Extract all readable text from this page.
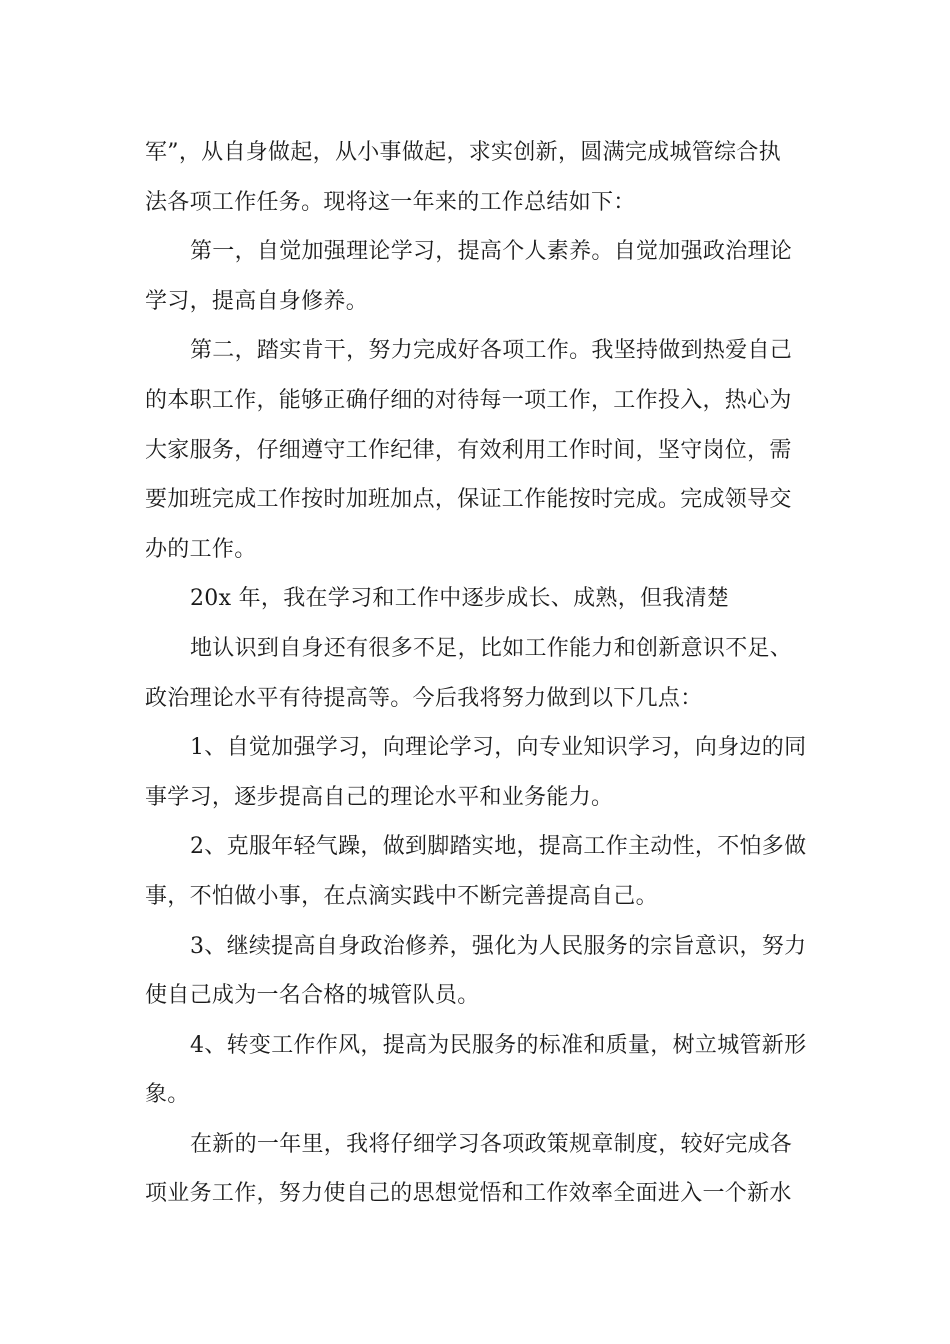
军”，从自身做起，从小事做起，求实创新，圆满完成城管综合执
法各项工作任务。现将这一年来的工作总结如下：

第一，自觉加强理论学习，提高个人素养。自觉加强政治理论
学习，提高自身修养。

第二，踏实肯干，努力完成好各项工作。我坚持做到热爱自己
的本职工作，能够正确仔细的对待每一项工作，工作投入，热心为
大家服务，仔细遵守工作纪律，有效利用工作时间，坚守岗位，需
要加班完成工作按时加班加点，保证工作能按时完成。完成领导交
办的工作。

20x 年，我在学习和工作中逐步成长、成熟，但我清楚

地认识到自身还有很多不足，比如工作能力和创新意识不足、
政治理论水平有待提高等。今后我将努力做到以下几点：

1、自觉加强学习，向理论学习，向专业知识学习，向身边的同
事学习，逐步提高自己的理论水平和业务能力。

2、克服年轻气躁，做到脚踏实地，提高工作主动性，不怕多做
事，不怕做小事，在点滴实践中不断完善提高自己。

3、继续提高自身政治修养，强化为人民服务的宗旨意识，努力
使自己成为一名合格的城管队员。

4、转变工作作风，提高为民服务的标准和质量，树立城管新形
象。

在新的一年里，我将仔细学习各项政策规章制度，较好完成各
项业务工作，努力使自己的思想觉悟和工作效率全面进入一个新水
